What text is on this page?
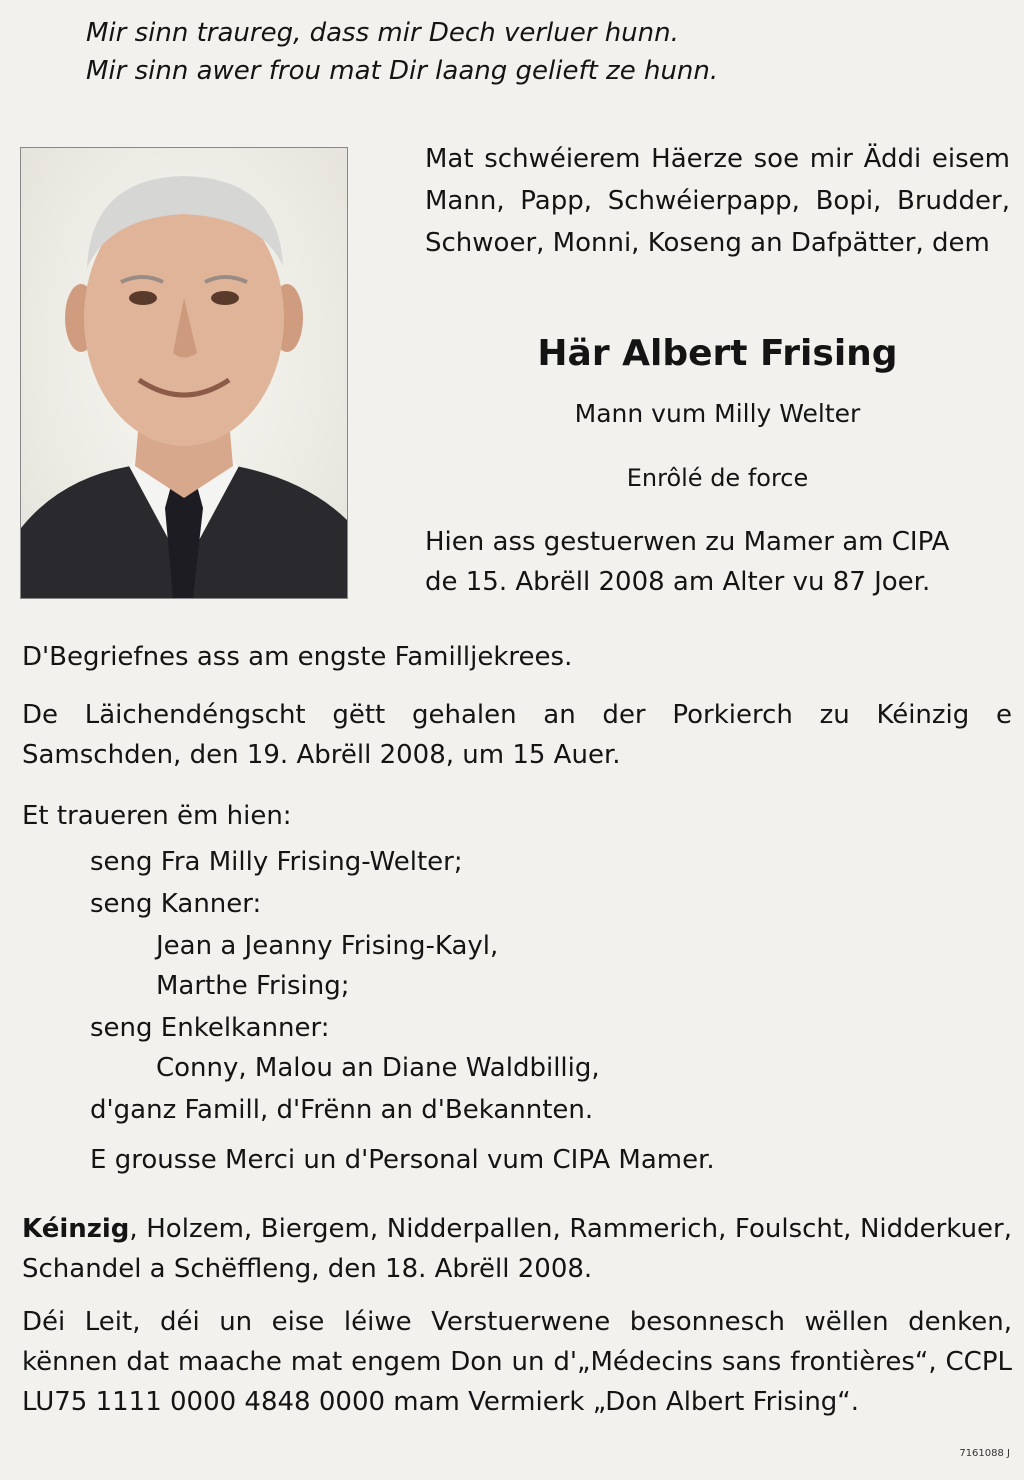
Mir sinn traureg, dass mir Dech verluer hunn.
Mir sinn awer frou mat Dir laang gelieft ze hunn.
Mat schwéierem Häerze soe mir Äddi eisem Mann, Papp, Schwéierpapp, Bopi, Brudder, Schwoer, Monni, Koseng an Dafpätter, dem
Här Albert Frising
Mann vum Milly Welter
Enrôlé de force
Hien ass gestuerwen zu Mamer am CIPA
de 15. Abrëll 2008 am Alter vu 87 Joer.
D'Begriefnes ass am engste Familljekrees.
De Läichendéngscht gëtt gehalen an der Porkierch zu Kéinzig e Samschden, den 19. Abrëll 2008, um 15 Auer.
Et traueren ëm hien:
seng Fra Milly Frising-Welter;
seng Kanner:
Jean a Jeanny Frising-Kayl,
Marthe Frising;
seng Enkelkanner:
Conny, Malou an Diane Waldbillig,
d'ganz Famill, d'Frënn an d'Bekannten.
E grousse Merci un d'Personal vum CIPA Mamer.
Kéinzig, Holzem, Biergem, Nidderpallen, Rammerich, Foulscht, Nidderkuer, Schandel a Schëffleng, den 18. Abrëll 2008.
Déi Leit, déi un eise léiwe Verstuerwene besonnesch wëllen denken, kënnen dat maache mat engem Don un d'„Médecins sans frontières“, CCPL LU75 1111 0000 4848 0000 mam Vermierk „Don Albert Frising“.
7161088 J
